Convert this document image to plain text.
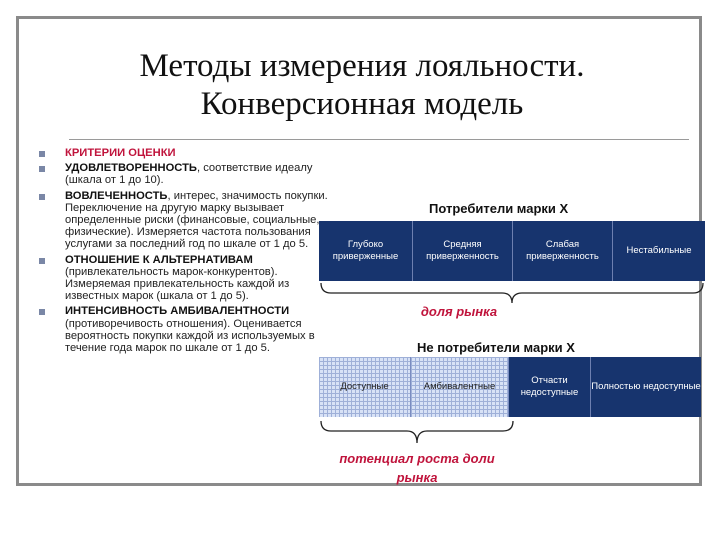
Методы измерения лояльности.
Конверсионная модель
КРИТЕРИИ ОЦЕНКИ
УДОВЛЕТВОРЕННОСТЬ, соответствие идеалу (шкала от 1 до 10).
ВОВЛЕЧЕННОСТЬ, интерес, значимость покупки. Переключение на другую марку вызывает определенные риски (финансовые, социальные, физические). Измеряется частота пользования услугами за последний год по шкале от 1 до 5.
ОТНОШЕНИЕ К АЛЬТЕРНАТИВАМ (привлекательность марок-конкурентов). Измеряемая привлекательность каждой из известных марок (шкала от 1 до 5).
ИНТЕНСИВНОСТЬ АМБИВАЛЕНТНОСТИ (противоречивость отношения). Оценивается вероятность покупки каждой из используемых в течение года марок по шкале от 1 до 5.
Потребители марки Х
Глубоко приверженные
Средняя приверженность
Слабая приверженность
Нестабильные
доля рынка
Не потребители марки Х
Доступные	Амбивалентные
Отчасти недоступные
Полностью недоступные
потенциал роста доли рынка
